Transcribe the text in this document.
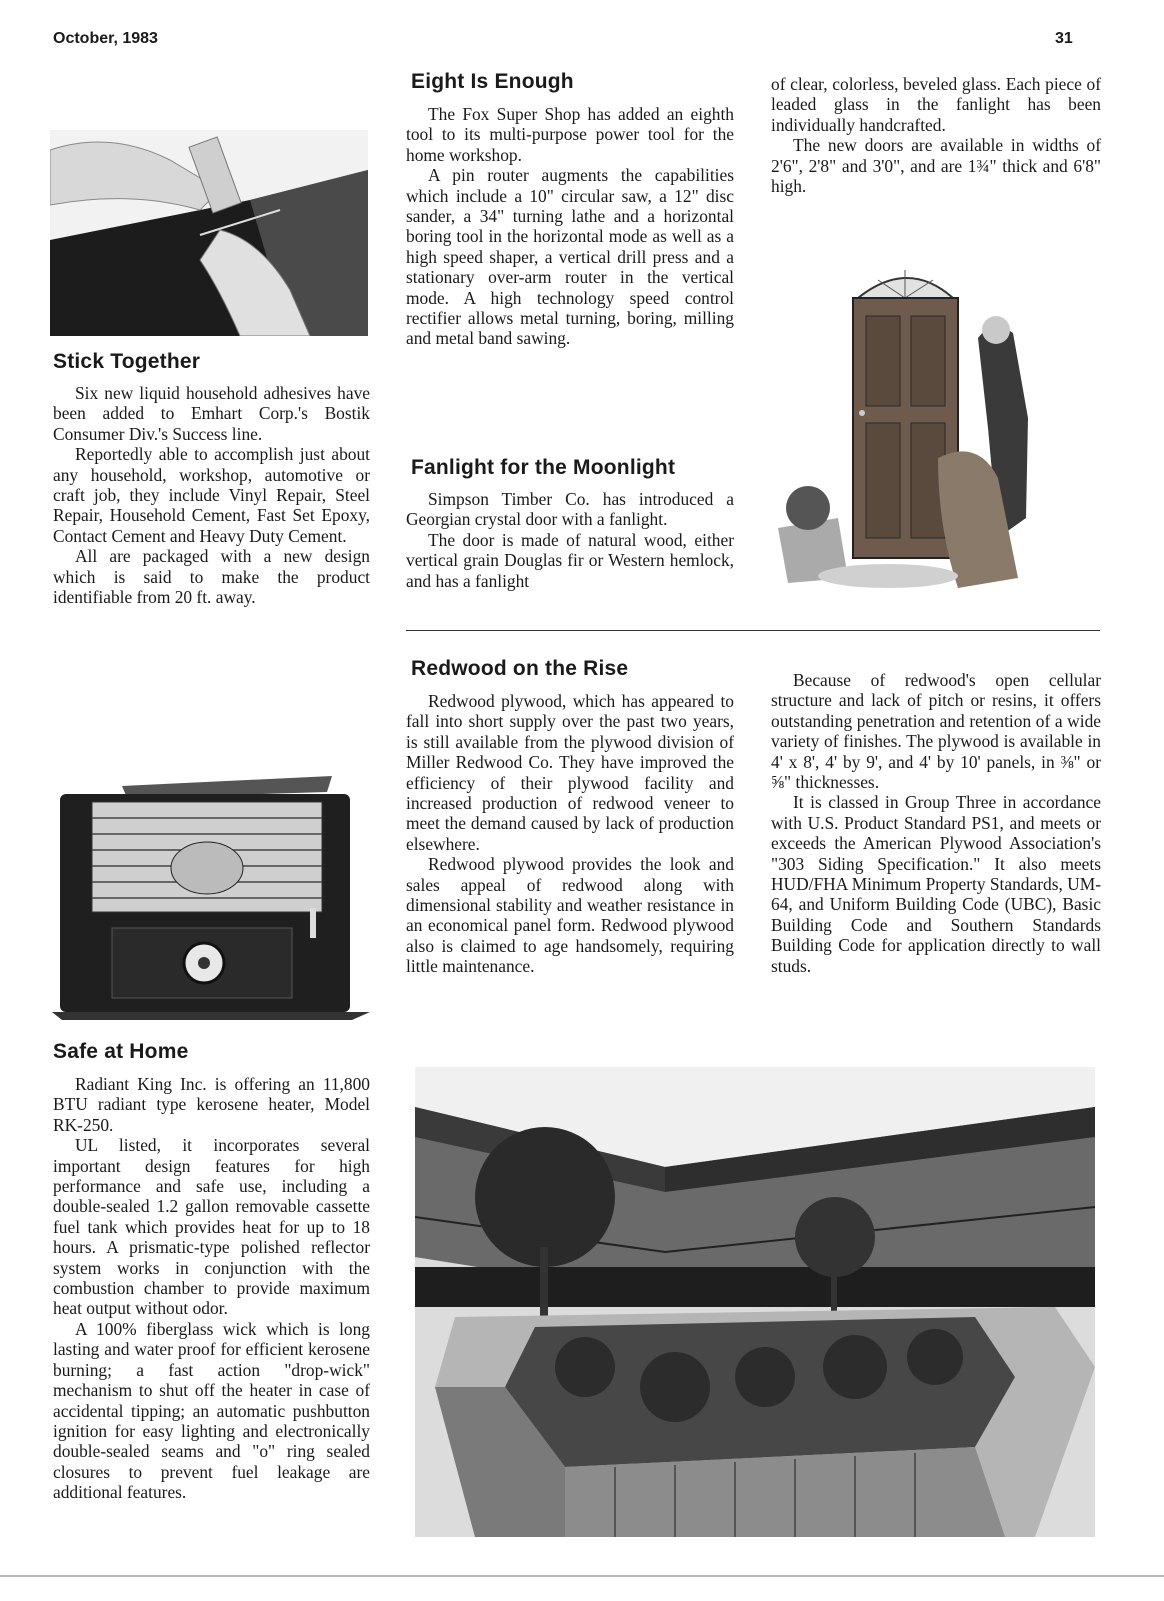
October, 1983	31
Stick Together

Six new liquid household adhesives have been added to Emhart Corp.'s Bostik Consumer Div.'s Success line.

Reportedly able to accomplish just about any household, workshop, automotive or craft job, they include Vinyl Repair, Steel Repair, Household Cement, Fast Set Epoxy, Contact Cement and Heavy Duty Cement.

All are packaged with a new design which is said to make the product identifiable from 20 ft. away.

Safe at Home

Radiant King Inc. is offering an 11,800 BTU radiant type kerosene heater, Model RK-250.

UL listed, it incorporates several important design features for high performance and safe use, including a double-sealed 1.2 gallon removable cassette fuel tank which provides heat for up to 18 hours. A prismatic-type polished reflector system works in conjunction with the combustion chamber to provide maximum heat output without odor.

A 100% fiberglass wick which is long lasting and water proof for efficient kerosene burning; a fast action "drop-wick" mechanism to shut off the heater in case of accidental tipping; an automatic pushbutton ignition for easy lighting and electronically double-sealed seams and "o" ring sealed closures to prevent fuel leakage are additional features.

Eight Is Enough

The Fox Super Shop has added an eighth tool to its multi-purpose power tool for the home workshop.

A pin router augments the capabilities which include a 10" circular saw, a 12" disc sander, a 34" turning lathe and a horizontal boring tool in the horizontal mode as well as a high speed shaper, a vertical drill press and a stationary over-arm router in the vertical mode. A high technology speed control rectifier allows metal turning, boring, milling and metal band sawing.

Fanlight for the Moonlight

Simpson Timber Co. has introduced a Georgian crystal door with a fanlight.

The door is made of natural wood, either vertical grain Douglas fir or Western hemlock, and has a fanlight

of clear, colorless, beveled glass. Each piece of leaded glass in the fanlight has been individually handcrafted.

The new doors are available in widths of 2'6", 2'8" and 3'0", and are 1¾" thick and 6'8" high.

Redwood on the Rise

Redwood plywood, which has appeared to fall into short supply over the past two years, is still available from the plywood division of Miller Redwood Co. They have improved the efficiency of their plywood facility and increased production of redwood veneer to meet the demand caused by lack of production elsewhere.

Redwood plywood provides the look and sales appeal of redwood along with dimensional stability and weather resistance in an economical panel form. Redwood plywood also is claimed to age handsomely, requiring little maintenance.

Because of redwood's open cellular structure and lack of pitch or resins, it offers outstanding penetration and retention of a wide variety of finishes. The plywood is available in 4' x 8', 4' by 9', and 4' by 10' panels, in ⅜" or ⅝" thicknesses.

It is classed in Group Three in accordance with U.S. Product Standard PS1, and meets or exceeds the American Plywood Association's "303 Siding Specification." It also meets HUD/FHA Minimum Property Standards, UM-64, and Uniform Building Code (UBC), Basic Building Code and Southern Standards Building Code for application directly to wall studs.
